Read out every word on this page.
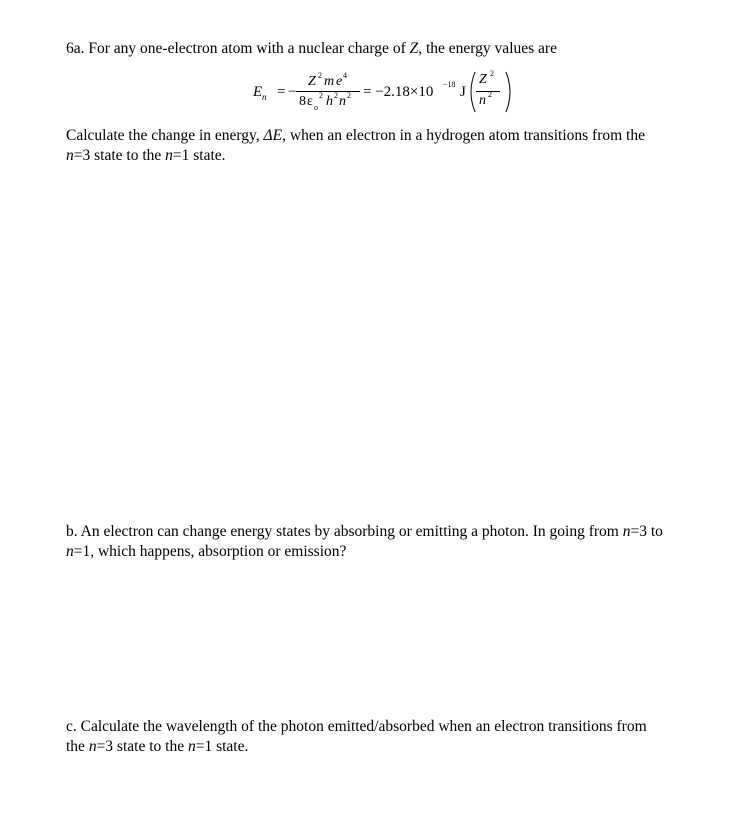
6a. For any one-electron atom with a nuclear charge of Z, the energy values are

E n = −
Z 2 m e 4
8 ε o
2 h 2 n 2 = −2.18×10 −18 J
Z 2
n 2

Calculate the change in energy, ΔE, when an electron in a hydrogen atom transitions from the
n=3 state to the n=1 state.

b. An electron can change energy states by absorbing or emitting a photon. In going from n=3 to
n=1, which happens, absorption or emission?

c. Calculate the wavelength of the photon emitted/absorbed when an electron transitions from
the n=3 state to the n=1 state.
